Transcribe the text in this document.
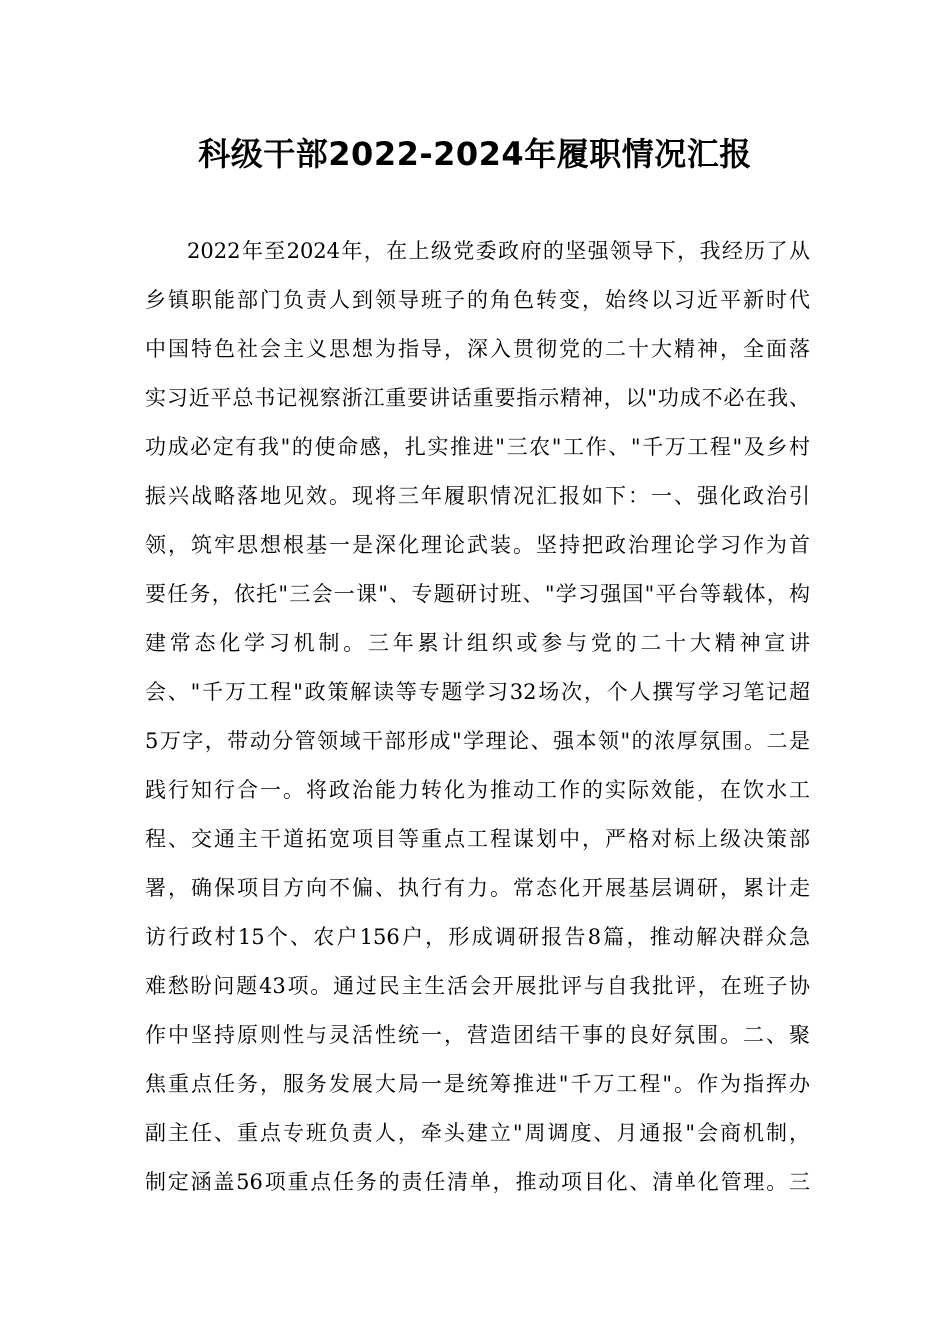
科级干部2022-2024年履职情况汇报
2022年至2024年，在上级党委政府的坚强领导下，我经历了从
乡镇职能部门负责人到领导班子的角色转变，始终以习近平新时代
中国特色社会主义思想为指导，深入贯彻党的二十大精神，全面落
实习近平总书记视察浙江重要讲话重要指示精神，以"功成不必在我、
功成必定有我"的使命感，扎实推进"三农"工作、"千万工程"及乡村
振兴战略落地见效。现将三年履职情况汇报如下：一、强化政治引
领，筑牢思想根基一是深化理论武装。坚持把政治理论学习作为首
要任务，依托"三会一课"、专题研讨班、"学习强国"平台等载体，构
建常态化学习机制。三年累计组织或参与党的二十大精神宣讲
会、"千万工程"政策解读等专题学习32场次，个人撰写学习笔记超
5万字，带动分管领域干部形成"学理论、强本领"的浓厚氛围。二是
践行知行合一。将政治能力转化为推动工作的实际效能，在饮水工
程、交通主干道拓宽项目等重点工程谋划中，严格对标上级决策部
署，确保项目方向不偏、执行有力。常态化开展基层调研，累计走
访行政村15个、农户156户，形成调研报告8篇，推动解决群众急
难愁盼问题43项。通过民主生活会开展批评与自我批评，在班子协
作中坚持原则性与灵活性统一，营造团结干事的良好氛围。二、聚
焦重点任务，服务发展大局一是统筹推进"千万工程"。作为指挥办
副主任、重点专班负责人，牵头建立"周调度、月通报"会商机制，
制定涵盖56项重点任务的责任清单，推动项目化、清单化管理。三
